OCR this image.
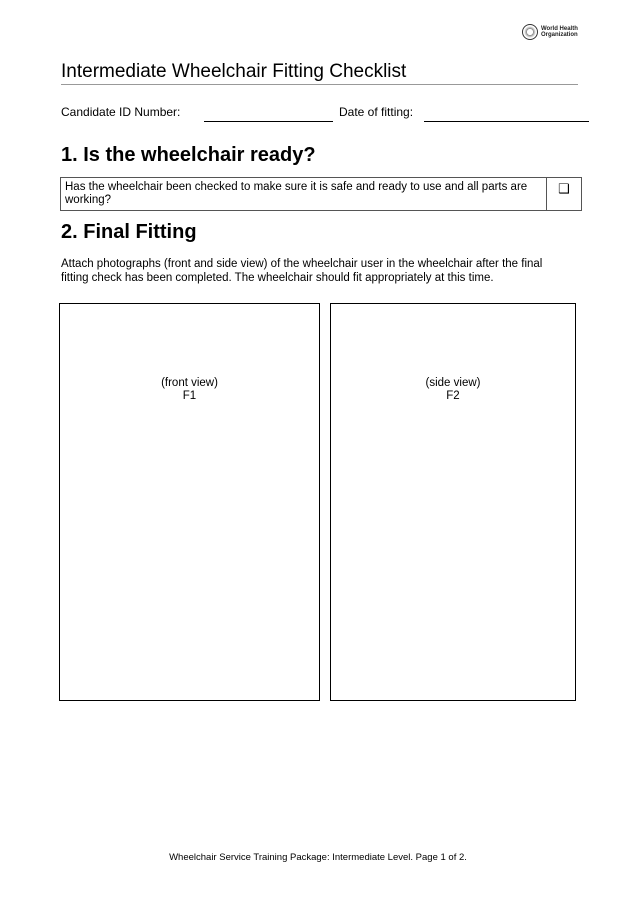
World Health
Organization
Intermediate Wheelchair Fitting Checklist
Candidate ID Number:	Date of fitting:
1. Is the wheelchair ready?
Has the wheelchair been checked to make sure it is safe and ready to use and all parts are working?
❑
2. Final Fitting
Attach photographs (front and side view) of the wheelchair user in the wheelchair after the final fitting check has been completed. The wheelchair should fit appropriately at this time.
(front view)
F1
(side view)
F2
Wheelchair Service Training Package: Intermediate Level. Page 1 of 2.
